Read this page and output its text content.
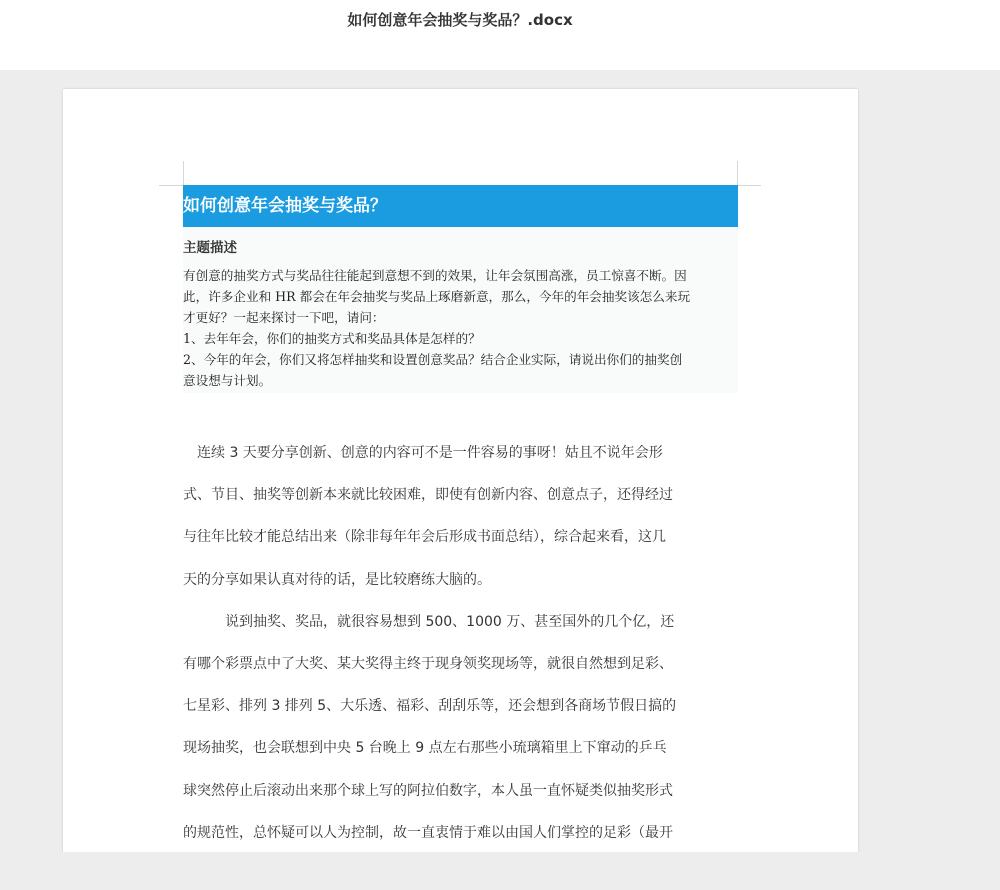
如何创意年会抽奖与奖品？.docx
如何创意年会抽奖与奖品？
主题描述
有创意的抽奖方式与奖品往往能起到意想不到的效果，让年会氛围高涨，员工惊喜不断。因
此，许多企业和 HR 都会在年会抽奖与奖品上琢磨新意，那么，今年的年会抽奖该怎么来玩
才更好？一起来探讨一下吧，请问：
1、去年年会，你们的抽奖方式和奖品具体是怎样的？
2、今年的年会，你们又将怎样抽奖和设置创意奖品？结合企业实际，请说出你们的抽奖创
意设想与计划。
　连续 3 天要分享创新、创意的内容可不是一件容易的事呀！姑且不说年会形
式、节目、抽奖等创新本来就比较困难，即使有创新内容、创意点子，还得经过
与往年比较才能总结出来（除非每年年会后形成书面总结），综合起来看，这几
天的分享如果认真对待的话，是比较磨练大脑的。
　　　说到抽奖、奖品，就很容易想到 500、1000 万、甚至国外的几个亿，还
有哪个彩票点中了大奖、某大奖得主终于现身领奖现场等，就很自然想到足彩、
七星彩、排列 3 排列 5、大乐透、福彩、刮刮乐等，还会想到各商场节假日搞的
现场抽奖，也会联想到中央 5 台晚上 9 点左右那些小琉璃箱里上下窜动的乒乓
球突然停止后滚动出来那个球上写的阿拉伯数字，本人虽一直怀疑类似抽奖形式
的规范性，总怀疑可以人为控制，故一直衷情于难以由国人们掌控的足彩（最开
